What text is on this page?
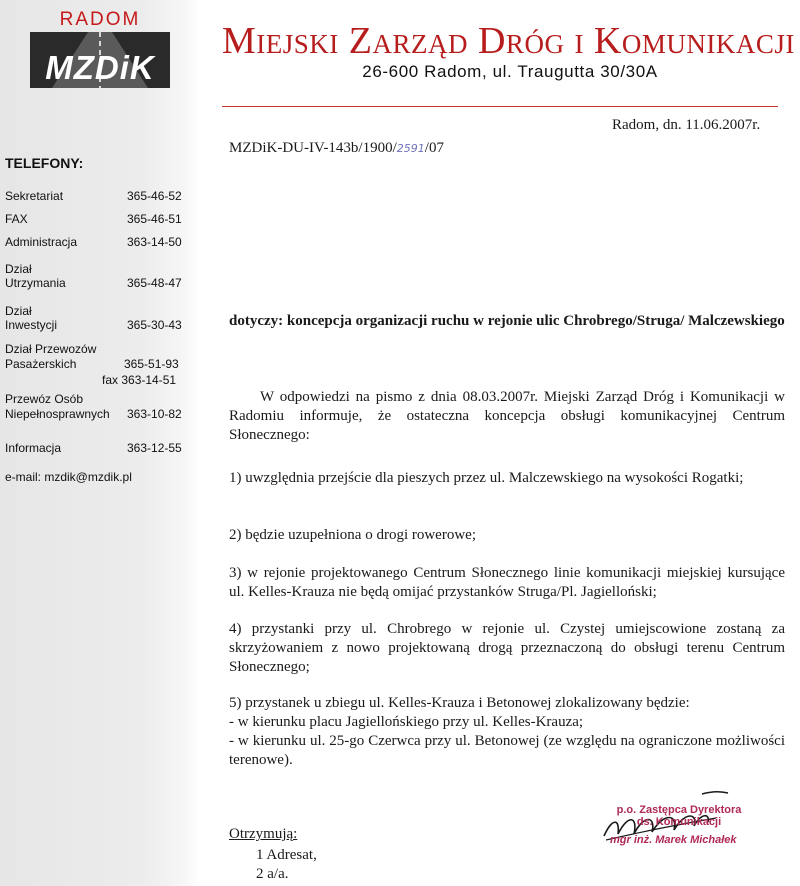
RADOM
MZDiK
TELEFONY:
Sekretariat	365-46-52
FAX	365-46-51
Administracja	363-14-50
Dział
Utrzymania	365-48-47
Dział
Inwestycji	365-30-43
Dział Przewozów
Pasażerskich	365-51-93
fax 363-14-51
Przewóz Osób
Niepełnosprawnych 363-10-82
Informacja	363-12-55
e-mail: mzdik@mzdik.pl
Miejski Zarząd Dróg i Komunikacji
26-600 Radom, ul. Traugutta 30/30A
Radom, dn. 11.06.2007r.
MZDiK-DU-IV-143b/1900/2591/07
dotyczy: koncepcja organizacji ruchu w rejonie ulic Chrobrego/Struga/ Malczewskiego
W odpowiedzi na pismo z dnia 08.03.2007r. Miejski Zarząd Dróg i Komunikacji w Radomiu informuje, że ostateczna koncepcja obsługi komunikacyjnej Centrum Słonecznego:
1) uwzględnia przejście dla pieszych przez ul. Malczewskiego na wysokości Rogatki;
2) będzie uzupełniona o drogi rowerowe;
3) w rejonie projektowanego Centrum Słonecznego linie komunikacji miejskiej kursujące ul. Kelles-Krauza nie będą omijać przystanków Struga/Pl. Jagielloński;
4) przystanki przy ul. Chrobrego w rejonie ul. Czystej umiejscowione zostaną za skrzyżowaniem z nowo projektowaną drogą przeznaczoną do obsługi terenu Centrum Słonecznego;
5) przystanek u zbiegu ul. Kelles-Krauza i Betonowej zlokalizowany będzie:
- w kierunku placu Jagiellońskiego przy ul. Kelles-Krauza;
- w kierunku ul. 25-go Czerwca przy ul. Betonowej (ze względu na ograniczone możliwości terenowe).
p.o. Zastępca Dyrektora
ds. Komunikacji
mgr inż. Marek Michałek
Otrzymują:
1 Adresat,
2 a/a.
